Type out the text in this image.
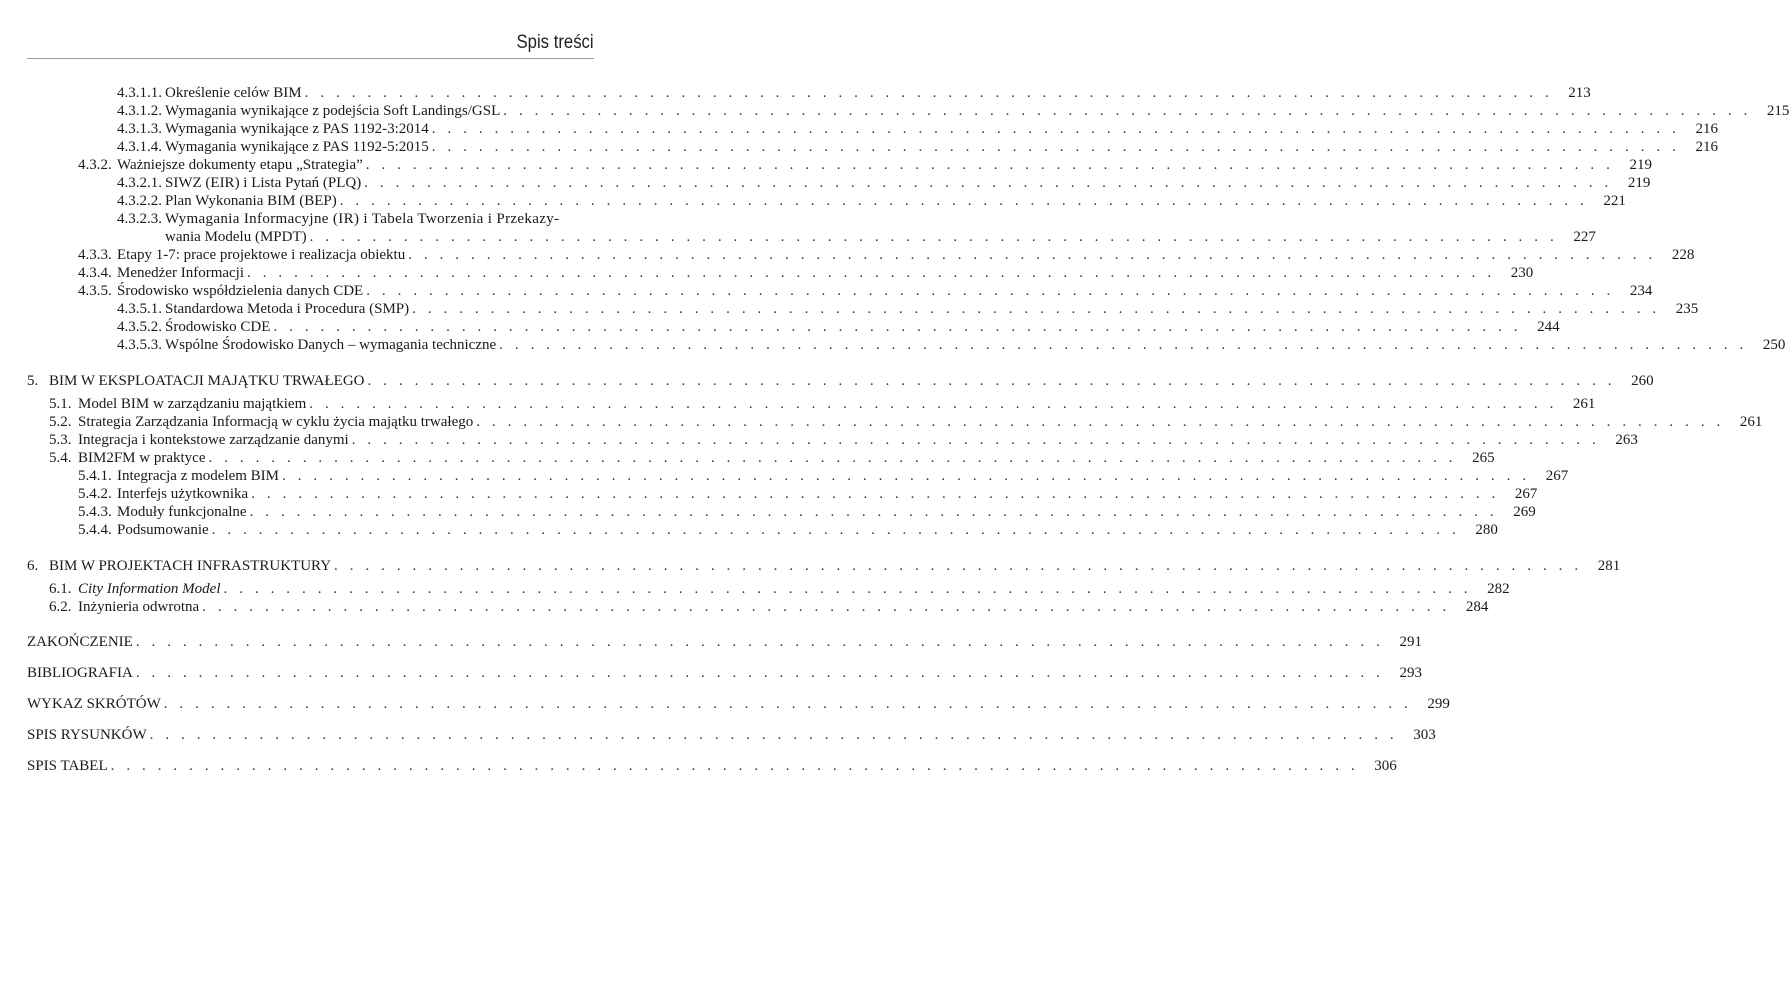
Spis treści
4.3.1.1. Określenie celów BIM . . . . . . . . . . . . . . . . . . . . . . . . . . . . . . . . . . . . . . . . . . . . . . . . . . . . . . . . . . . . . . . . . . . . . . . . . . . . . . . .	213
4.3.1.2. Wymagania wynikające z podejścia Soft Landings/GSL . . . . . . . . . . . . . . . . . . . . . . . . . . . . . . . . . . . . . . . . . . . . . . . . . . . . . . . . . . . . . . . . . . . . . . . . . . . . . . . .	215
4.3.1.3. Wymagania wynikające z PAS 1192-3:2014 . . . . . . . . . . . . . . . . . . . . . . . . . . . . . . . . . . . . . . . . . . . . . . . . . . . . . . . . . . . . . . . . . . . . . . . . . . . . . . . .	216
4.3.1.4. Wymagania wynikające z PAS 1192-5:2015 . . . . . . . . . . . . . . . . . . . . . . . . . . . . . . . . . . . . . . . . . . . . . . . . . . . . . . . . . . . . . . . . . . . . . . . . . . . . . . . .	216
4.3.2. Ważniejsze dokumenty etapu „Strategia” . . . . . . . . . . . . . . . . . . . . . . . . . . . . . . . . . . . . . . . . . . . . . . . . . . . . . . . . . . . . . . . . . . . . . . . . . . . . . . . .	219
4.3.2.1. SIWZ (EIR) i Lista Pytań (PLQ) . . . . . . . . . . . . . . . . . . . . . . . . . . . . . . . . . . . . . . . . . . . . . . . . . . . . . . . . . . . . . . . . . . . . . . . . . . . . . . . .	219
4.3.2.2. Plan Wykonania BIM (BEP) . . . . . . . . . . . . . . . . . . . . . . . . . . . . . . . . . . . . . . . . . . . . . . . . . . . . . . . . . . . . . . . . . . . . . . . . . . . . . . . .	221
4.3.2.3. Wymagania Informacyjne (IR) i Tabela Tworzenia i Przekazy-
wania Modelu (MPDT) . . . . . . . . . . . . . . . . . . . . . . . . . . . . . . . . . . . . . . . . . . . . . . . . . . . . . . . . . . . . . . . . . . . . . . . . . . . . . . . .	227
4.3.3. Etapy 1-7: prace projektowe i realizacja obiektu . . . . . . . . . . . . . . . . . . . . . . . . . . . . . . . . . . . . . . . . . . . . . . . . . . . . . . . . . . . . . . . . . . . . . . . . . . . . . . . .	228
4.3.4. Menedżer Informacji . . . . . . . . . . . . . . . . . . . . . . . . . . . . . . . . . . . . . . . . . . . . . . . . . . . . . . . . . . . . . . . . . . . . . . . . . . . . . . . .	230
4.3.5. Środowisko współdzielenia danych CDE . . . . . . . . . . . . . . . . . . . . . . . . . . . . . . . . . . . . . . . . . . . . . . . . . . . . . . . . . . . . . . . . . . . . . . . . . . . . . . . .	234
4.3.5.1. Standardowa Metoda i Procedura (SMP) . . . . . . . . . . . . . . . . . . . . . . . . . . . . . . . . . . . . . . . . . . . . . . . . . . . . . . . . . . . . . . . . . . . . . . . . . . . . . . . .	235
4.3.5.2. Środowisko CDE . . . . . . . . . . . . . . . . . . . . . . . . . . . . . . . . . . . . . . . . . . . . . . . . . . . . . . . . . . . . . . . . . . . . . . . . . . . . . . . .	244
4.3.5.3. Wspólne Środowisko Danych – wymagania techniczne . . . . . . . . . . . . . . . . . . . . . . . . . . . . . . . . . . . . . . . . . . . . . . . . . . . . . . . . . . . . . . . . . . . . . . . . . . . . . . . .	250
5. BIM W EKSPLOATACJI MAJĄTKU TRWAŁEGO . . . . . . . . . . . . . . . . . . . . . . . . . . . . . . . . . . . . . . . . . . . . . . . . . . . . . . . . . . . . . . . . . . . . . . . . . . . . . . . .	260
5.1. Model BIM w zarządzaniu majątkiem . . . . . . . . . . . . . . . . . . . . . . . . . . . . . . . . . . . . . . . . . . . . . . . . . . . . . . . . . . . . . . . . . . . . . . . . . . . . . . . .	261
5.2. Strategia Zarządzania Informacją w cyklu życia majątku trwałego . . . . . . . . . . . . . . . . . . . . . . . . . . . . . . . . . . . . . . . . . . . . . . . . . . . . . . . . . . . . . . . . . . . . . . . . . . . . . . . .	261
5.3. Integracja i kontekstowe zarządzanie danymi . . . . . . . . . . . . . . . . . . . . . . . . . . . . . . . . . . . . . . . . . . . . . . . . . . . . . . . . . . . . . . . . . . . . . . . . . . . . . . . .	263
5.4. BIM2FM w praktyce . . . . . . . . . . . . . . . . . . . . . . . . . . . . . . . . . . . . . . . . . . . . . . . . . . . . . . . . . . . . . . . . . . . . . . . . . . . . . . . .	265
5.4.1. Integracja z modelem BIM . . . . . . . . . . . . . . . . . . . . . . . . . . . . . . . . . . . . . . . . . . . . . . . . . . . . . . . . . . . . . . . . . . . . . . . . . . . . . . . .	267
5.4.2. Interfejs użytkownika . . . . . . . . . . . . . . . . . . . . . . . . . . . . . . . . . . . . . . . . . . . . . . . . . . . . . . . . . . . . . . . . . . . . . . . . . . . . . . . .	267
5.4.3. Moduły funkcjonalne . . . . . . . . . . . . . . . . . . . . . . . . . . . . . . . . . . . . . . . . . . . . . . . . . . . . . . . . . . . . . . . . . . . . . . . . . . . . . . . .	269
5.4.4. Podsumowanie . . . . . . . . . . . . . . . . . . . . . . . . . . . . . . . . . . . . . . . . . . . . . . . . . . . . . . . . . . . . . . . . . . . . . . . . . . . . . . . .	280
6. BIM W PROJEKTACH INFRASTRUKTURY . . . . . . . . . . . . . . . . . . . . . . . . . . . . . . . . . . . . . . . . . . . . . . . . . . . . . . . . . . . . . . . . . . . . . . . . . . . . . . . .	281
6.1. City Information Model . . . . . . . . . . . . . . . . . . . . . . . . . . . . . . . . . . . . . . . . . . . . . . . . . . . . . . . . . . . . . . . . . . . . . . . . . . . . . . . .	282
6.2. Inżynieria odwrotna . . . . . . . . . . . . . . . . . . . . . . . . . . . . . . . . . . . . . . . . . . . . . . . . . . . . . . . . . . . . . . . . . . . . . . . . . . . . . . . .	284
ZAKOŃCZENIE . . . . . . . . . . . . . . . . . . . . . . . . . . . . . . . . . . . . . . . . . . . . . . . . . . . . . . . . . . . . . . . . . . . . . . . . . . . . . . . .	291
BIBLIOGRAFIA . . . . . . . . . . . . . . . . . . . . . . . . . . . . . . . . . . . . . . . . . . . . . . . . . . . . . . . . . . . . . . . . . . . . . . . . . . . . . . . .	293
WYKAZ SKRÓTÓW . . . . . . . . . . . . . . . . . . . . . . . . . . . . . . . . . . . . . . . . . . . . . . . . . . . . . . . . . . . . . . . . . . . . . . . . . . . . . . . .	299
SPIS RYSUNKÓW . . . . . . . . . . . . . . . . . . . . . . . . . . . . . . . . . . . . . . . . . . . . . . . . . . . . . . . . . . . . . . . . . . . . . . . . . . . . . . . .	303
SPIS TABEL . . . . . . . . . . . . . . . . . . . . . . . . . . . . . . . . . . . . . . . . . . . . . . . . . . . . . . . . . . . . . . . . . . . . . . . . . . . . . . . .	306
